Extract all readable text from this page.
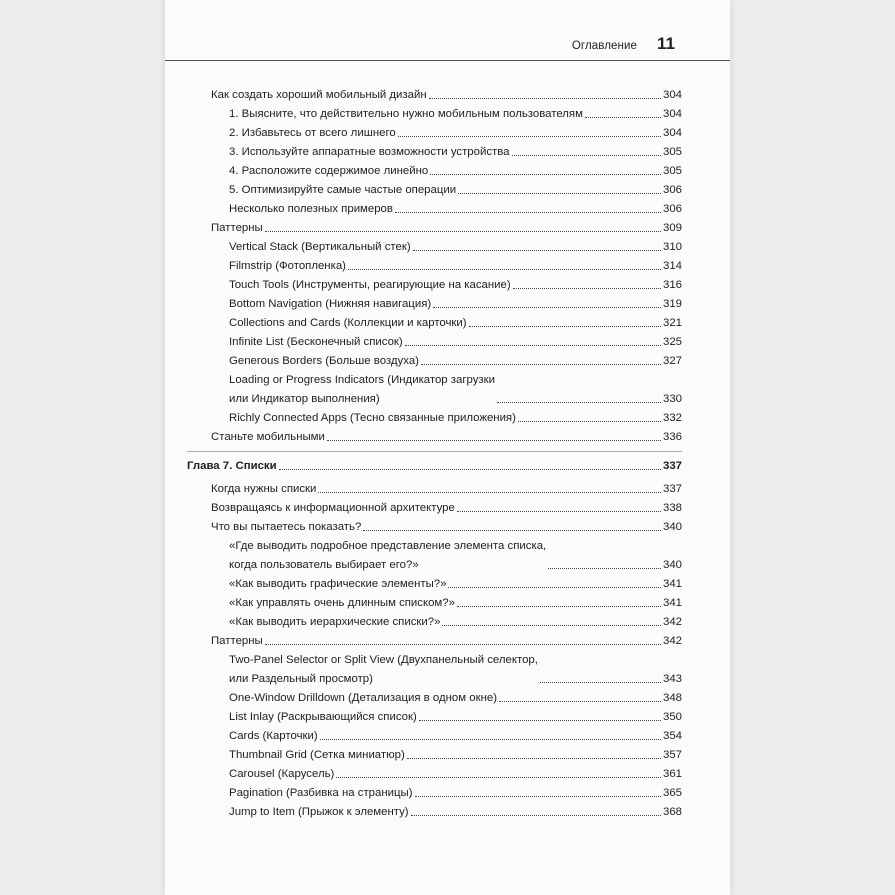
Оглавление 11
Как создать хороший мобильный дизайн	304
1. Выясните, что действительно нужно мобильным пользователям	304
2. Избавьтесь от всего лишнего	304
3. Используйте аппаратные возможности устройства	305
4. Расположите содержимое линейно	305
5. Оптимизируйте самые частые операции	306
Несколько полезных примеров	306
Паттерны	309
Vertical Stack (Вертикальный стек)	310
Filmstrip (Фотопленка)	314
Touch Tools (Инструменты, реагирующие на касание)	316
Bottom Navigation (Нижняя навигация)	319
Collections and Cards (Коллекции и карточки)	321
Infinite List (Бесконечный список)	325
Generous Borders (Больше воздуха)	327
Loading or Progress Indicators (Индикатор загрузки
или Индикатор выполнения)	330
Richly Connected Apps (Тесно связанные приложения)	332
Станьте мобильными	336
Глава 7. Списки	337
Когда нужны списки	337
Возвращаясь к информационной архитектуре	338
Что вы пытаетесь показать?	340
«Где выводить подробное представление элемента списка,
когда пользователь выбирает его?»	340
«Как выводить графические элементы?»	341
«Как управлять очень длинным списком?»	341
«Как выводить иерархические списки?»	342
Паттерны	342
Two-Panel Selector or Split View (Двухпанельный селектор,
или Раздельный просмотр)	343
One-Window Drilldown (Детализация в одном окне)	348
List Inlay (Раскрывающийся список)	350
Cards (Карточки)	354
Thumbnail Grid (Сетка миниатюр)	357
Carousel (Карусель)	361
Pagination (Разбивка на страницы)	365
Jump to Item (Прыжок к элементу)	368
